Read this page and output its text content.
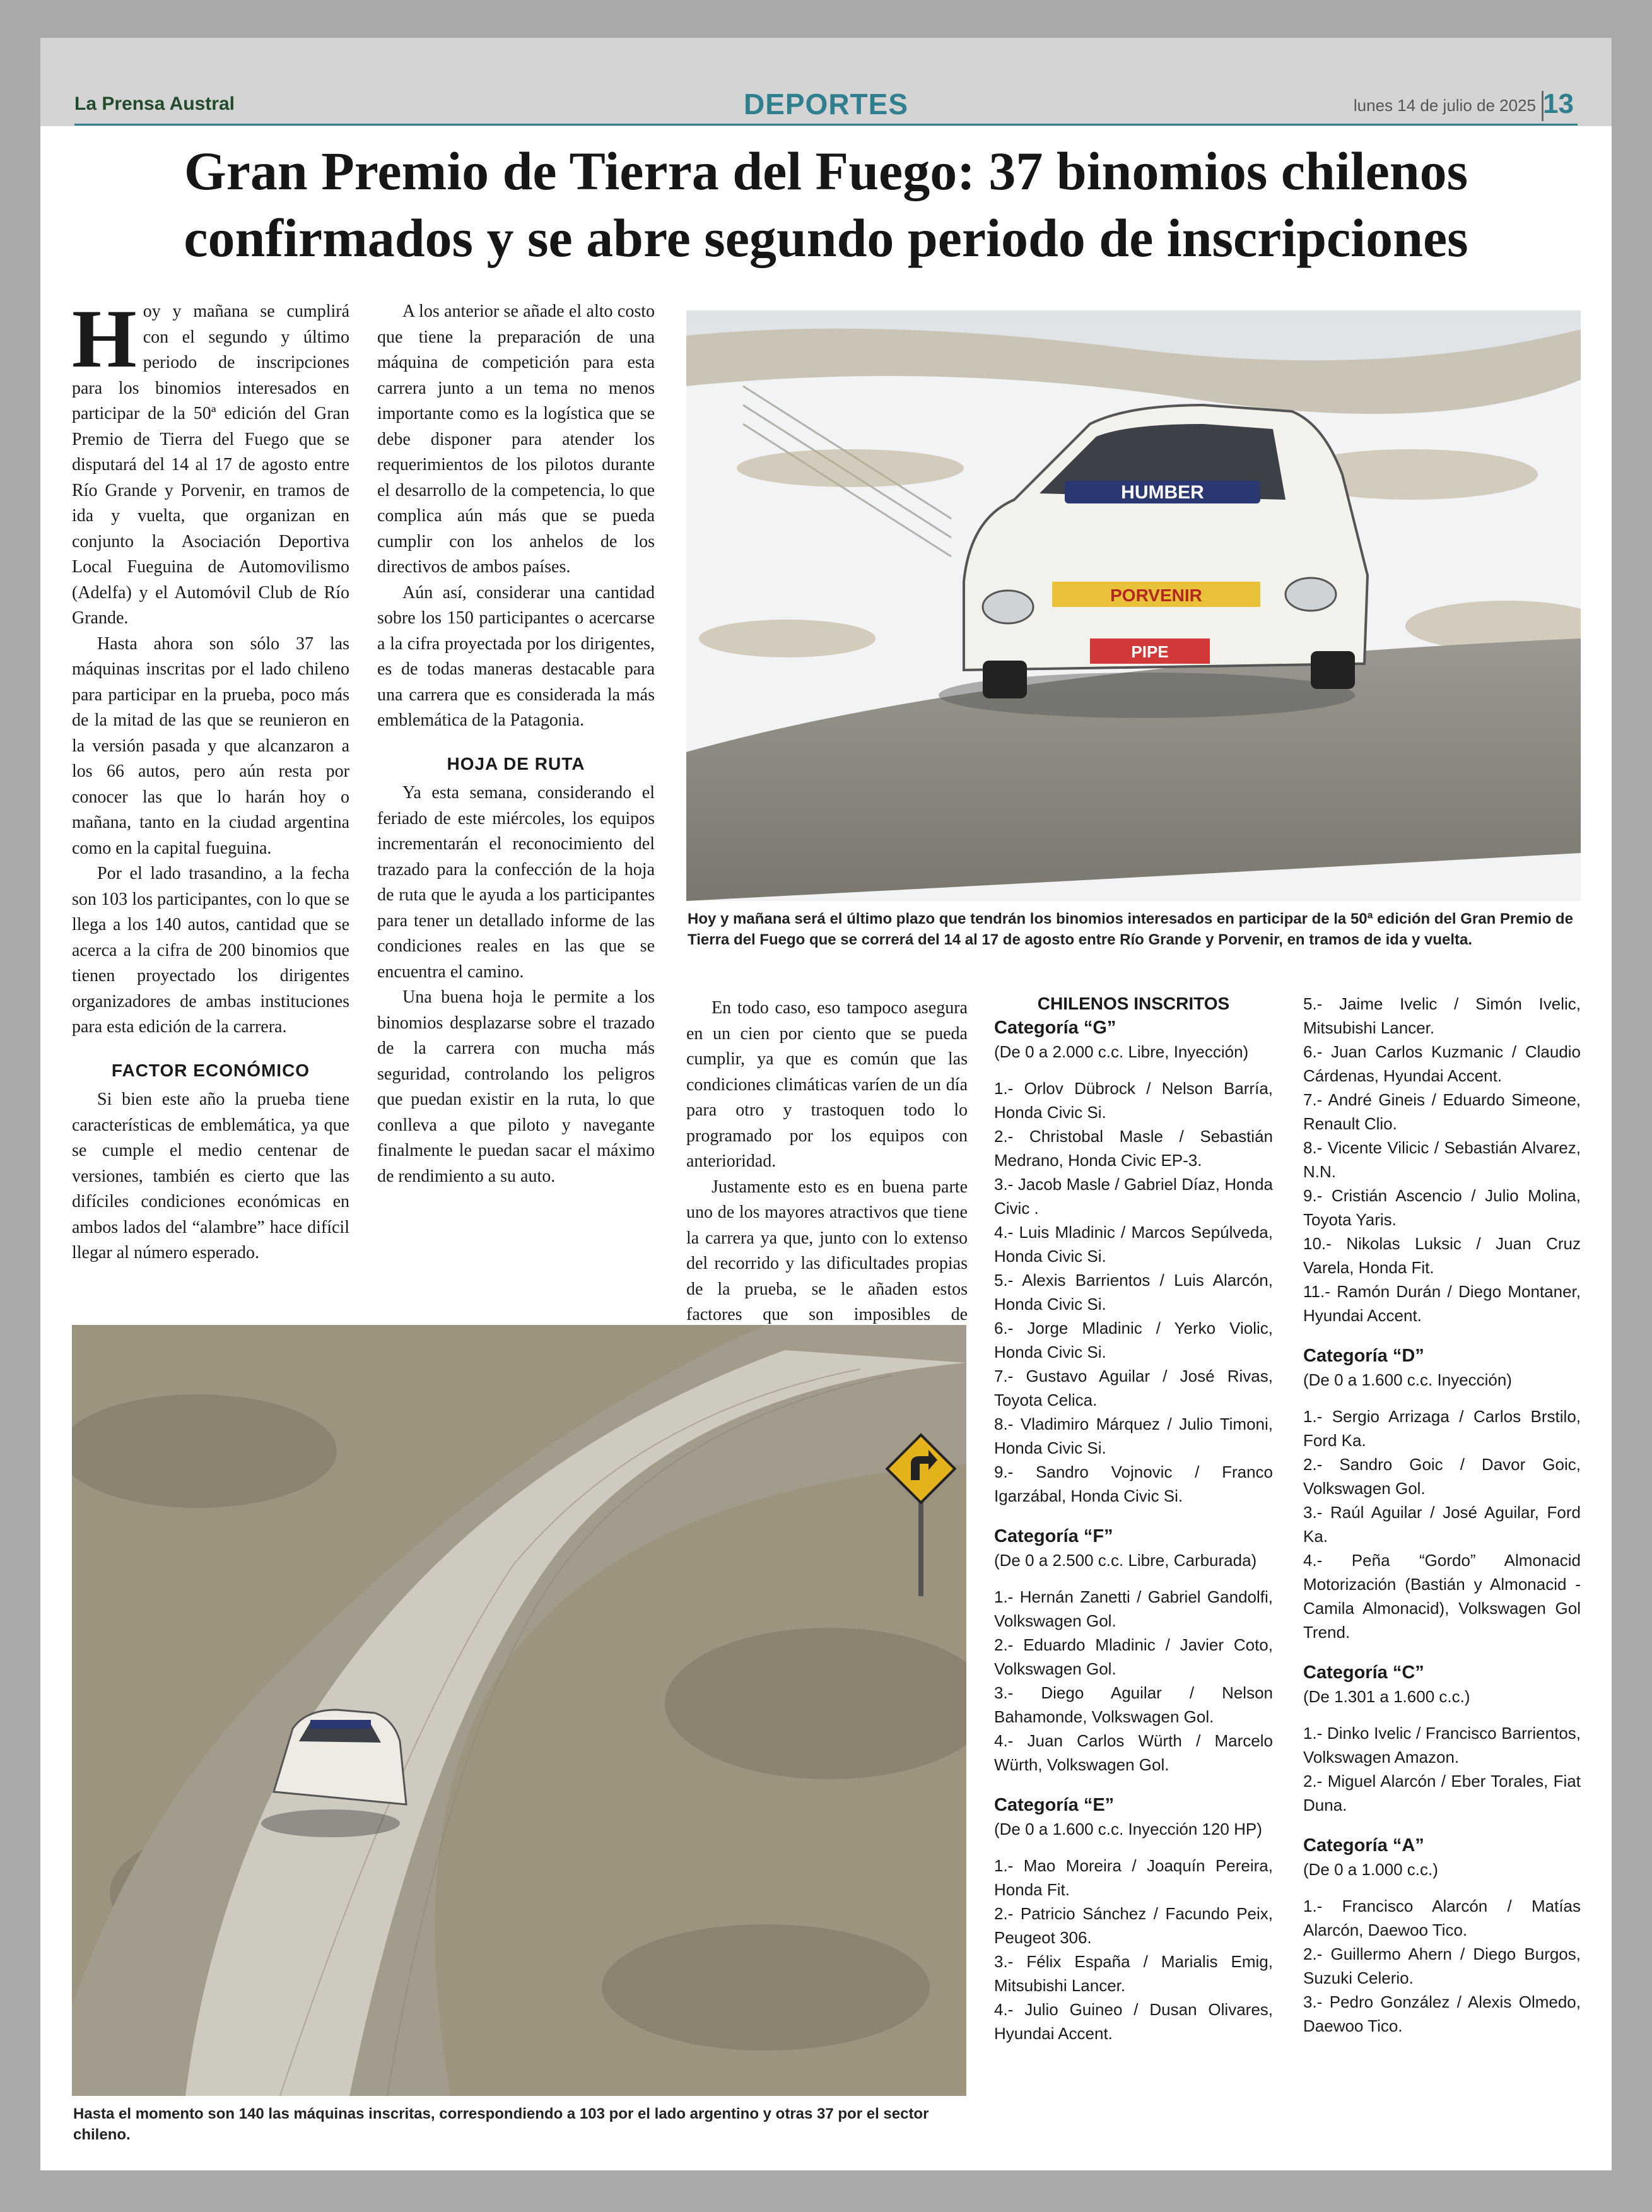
La Prensa Austral	DEPORTES	lunes 14 de julio de 2025 13
Gran Premio de Tierra del Fuego: 37 binomios chilenos
confirmados y se abre segundo periodo de inscripciones

Hoy y mañana se cumplirá con el segundo y último periodo de inscripciones para los binomios interesados en participar de la 50ª edición del Gran Premio de Tierra del Fuego que se disputará del 14 al 17 de agosto entre Río Grande y Porvenir, en tramos de ida y vuelta, que organizan en conjunto la Asociación Deportiva Local Fueguina de Automovilismo (Adelfa) y el Automóvil Club de Río Grande.

Hasta ahora son sólo 37 las máquinas inscritas por el lado chileno para participar en la prueba, poco más de la mitad de las que se reunieron en la versión pasada y que alcanzaron a los 66 autos, pero aún resta por conocer las que lo harán hoy o mañana, tanto en la ciudad argentina como en la capital fueguina.

Por el lado trasandino, a la fecha son 103 los participantes, con lo que se llega a los 140 autos, cantidad que se acerca a la cifra de 200 binomios que tienen proyectado los dirigentes organizadores de ambas instituciones para esta edición de la carrera.

FACTOR ECONÓMICO

Si bien este año la prueba tiene características de emblemática, ya que se cumple el medio centenar de versiones, también es cierto que las difíciles condiciones económicas en ambos lados del “alambre” hace difícil llegar al número esperado.

A los anterior se añade el alto costo que tiene la preparación de una máquina de competición para esta carrera junto a un tema no menos importante como es la logística que se debe disponer para atender los requerimientos de los pilotos durante el desarrollo de la competencia, lo que complica aún más que se pueda cumplir con los anhelos de los directivos de ambos países.

Aún así, considerar una cantidad sobre los 150 participantes o acercarse a la cifra proyectada por los dirigentes, es de todas maneras destacable para una carrera que es considerada la más emblemática de la Patagonia.

HOJA DE RUTA

Ya esta semana, considerando el feriado de este miércoles, los equipos incrementarán el reconocimiento del trazado para la confección de la hoja de ruta que le ayuda a los participantes para tener un detallado informe de las condiciones reales en las que se encuentra el camino.

Una buena hoja le permite a los binomios desplazarse sobre el trazado de la carrera con mucha más seguridad, controlando los peligros que puedan existir en la ruta, lo que conlleva a que piloto y navegante finalmente le puedan sacar el máximo de rendimiento a su auto.

En todo caso, eso tampoco asegura en un cien por ciento que se pueda cumplir, ya que es común que las condiciones climáticas varíen de un día para otro y trastoquen todo lo programado por los equipos con anterioridad.

Justamente esto es en buena parte uno de los mayores atractivos que tiene la carrera ya que, junto con lo extenso del recorrido y las dificultades propias de la prueba, se le añaden estos factores que son imposibles de

HUMBER
PORVENIR
PIPE
Hoy y mañana será el último plazo que tendrán los binomios interesados en participar de la 50ª edición del Gran Premio de Tierra del Fuego que se correrá del 14 al 17 de agosto entre Río Grande y Porvenir, en tramos de ida y vuelta.
Hasta el momento son 140 las máquinas inscritas, correspondiendo a 103 por el lado argentino y otras 37 por el sector chileno.
CHILENOS INSCRITOS
Categoría “G”
(De 0 a 2.000 c.c. Libre, Inyección)
1.- Orlov Dübrock / Nelson Barría, Honda Civic Si.
2.- Christobal Masle / Sebastián Medrano, Honda Civic EP-3.
3.- Jacob Masle / Gabriel Díaz, Honda Civic .
4.- Luis Mladinic / Marcos Sepúlveda, Honda Civic Si.
5.- Alexis Barrientos / Luis Alarcón, Honda Civic Si.
6.- Jorge Mladinic / Yerko Violic, Honda Civic Si.
7.- Gustavo Aguilar / José Rivas, Toyota Celica.
8.- Vladimiro Márquez / Julio Timoni, Honda Civic Si.
9.- Sandro Vojnovic / Franco Igarzábal, Honda Civic Si.
Categoría “F”
(De 0 a 2.500 c.c. Libre, Carburada)
1.- Hernán Zanetti / Gabriel Gandolfi, Volkswagen Gol.
2.- Eduardo Mladinic / Javier Coto, Volkswagen Gol.
3.- Diego Aguilar / Nelson Bahamonde, Volkswagen Gol.
4.- Juan Carlos Würth / Marcelo Würth, Volkswagen Gol.
Categoría “E”
(De 0 a 1.600 c.c. Inyección 120 HP)
1.- Mao Moreira / Joaquín Pereira, Honda Fit.
2.- Patricio Sánchez / Facundo Peix, Peugeot 306.
3.- Félix España / Marialis Emig, Mitsubishi Lancer.
4.- Julio Guineo / Dusan Olivares, Hyundai Accent.
5.- Jaime Ivelic / Simón Ivelic, Mitsubishi Lancer.
6.- Juan Carlos Kuzmanic / Claudio Cárdenas, Hyundai Accent.
7.- André Gineis / Eduardo Simeone, Renault Clio.
8.- Vicente Vilicic / Sebastián Alvarez, N.N.
9.- Cristián Ascencio / Julio Molina, Toyota Yaris.
10.- Nikolas Luksic / Juan Cruz Varela, Honda Fit.
11.- Ramón Durán / Diego Montaner, Hyundai Accent.
Categoría “D”
(De 0 a 1.600 c.c. Inyección)
1.- Sergio Arrizaga / Carlos Brstilo, Ford Ka.
2.- Sandro Goic / Davor Goic, Volkswagen Gol.
3.- Raúl Aguilar / José Aguilar, Ford Ka.
4.- Peña “Gordo” Almonacid Motorización (Bastián y Almonacid - Camila Almonacid), Volkswagen Gol Trend.
Categoría “C”
(De 1.301 a 1.600 c.c.)
1.- Dinko Ivelic / Francisco Barrientos, Volkswagen Amazon.
2.- Miguel Alarcón / Eber Torales, Fiat Duna.
Categoría “A”
(De 0 a 1.000 c.c.)
1.- Francisco Alarcón / Matías Alarcón, Daewoo Tico.
2.- Guillermo Ahern / Diego Burgos, Suzuki Celerio.
3.- Pedro González / Alexis Olmedo, Daewoo Tico.
